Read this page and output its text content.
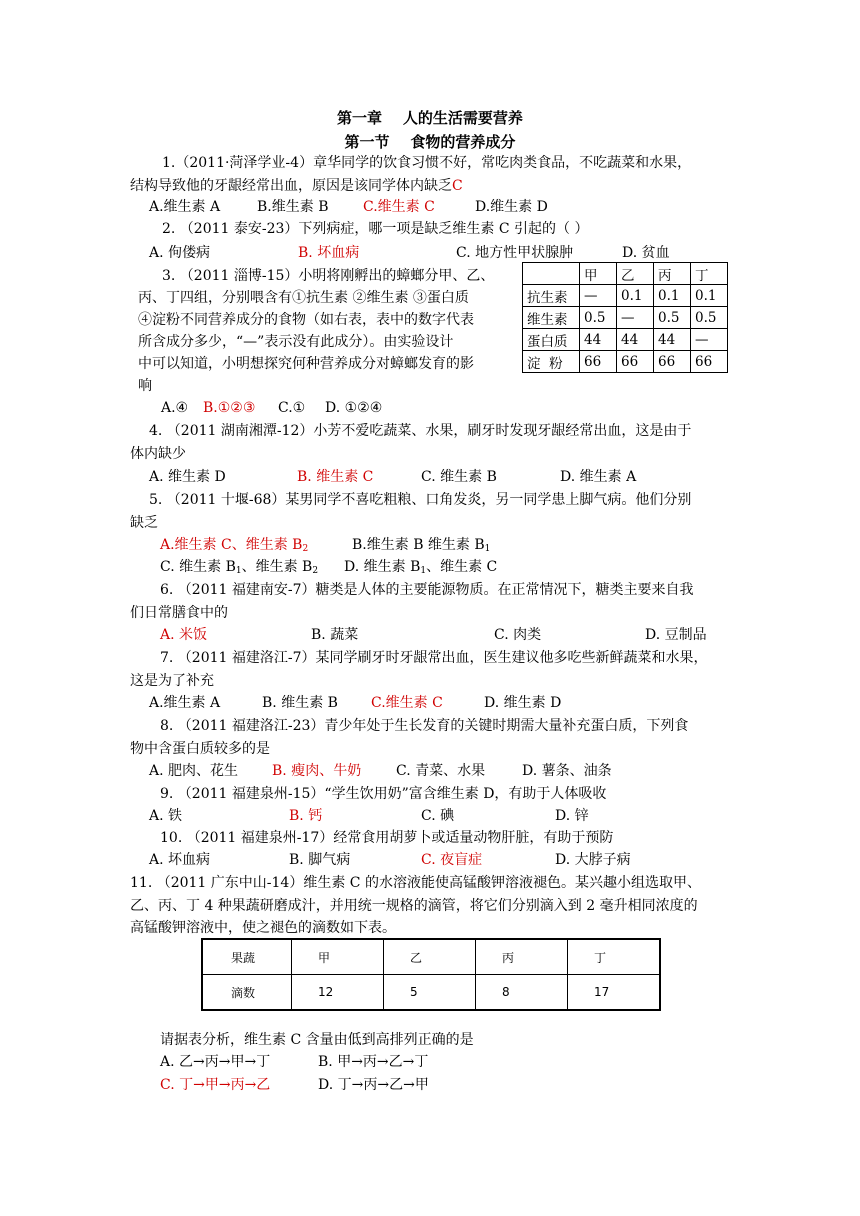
第一章    人的生活需要营养
第一节    食物的营养成分
1.（2011·菏泽学业-4）章华同学的饮食习惯不好，常吃肉类食品，不吃蔬菜和水果，
结构导致他的牙龈经常出血，原因是该同学体内缺乏C
A.维生素 A	B.维生素 B C.维生素 C	D.维生素 D
2. （2011 泰安-23）下列病症，哪一项是缺乏维生素 C 引起的（ ）
A. 佝偻病	B. 坏血病	C. 地方性甲状腺肿	D. 贫血
3. （2011 淄博-15）小明将刚孵出的蟑螂分甲、乙、
丙、丁四组，分别喂含有①抗生素 ②维生素 ③蛋白质
④淀粉不同营养成分的食物（如右表，表中的数字代表
所含成分多少，“—”表示没有此成分）。由实验设计
中可以知道，小明想探究何种营养成分对蟑螂发育的影
响
	甲	乙	丙	丁
抗生素	—	0.1	0.1	0.1
维生素	0.5	—	0.5	0.5
蛋白质	44	44	44	—
淀  粉	66	66	66	66
A.④ B.①②③ C.① D. ①②④
4. （2011 湖南湘潭-12）小芳不爱吃蔬菜、水果，刷牙时发现牙龈经常出血，这是由于
体内缺少
A. 维生素 D	B. 维生素 C	C. 维生素 B	D. 维生素 A
5. （2011 十堰-68）某男同学不喜吃粗粮、口角发炎，另一同学患上脚气病。他们分别
缺乏
A.维生素 C、维生素 $B_2$	B.维生素 B 维生素 $B_1$
C. 维生素 $B_1$、维生素 $B_2$ D. 维生素 $B_1$、维生素 C
6. （2011 福建南安-7）糖类是人体的主要能源物质。在正常情况下，糖类主要来自我
们日常膳食中的
A. 米饭	B. 蔬菜	C. 肉类	D. 豆制品
7. （2011 福建洛江-7）某同学刷牙时牙龈常出血，医生建议他多吃些新鲜蔬菜和水果，
这是为了补充
A.维生素 A	B. 维生素 B C.维生素 C	D. 维生素 D
8. （2011 福建洛江-23）青少年处于生长发育的关键时期需大量补充蛋白质，下列食
物中含蛋白质较多的是
A. 肥肉、花生 B. 瘦肉、牛奶 C. 青菜、水果	D. 薯条、油条
9. （2011 福建泉州-15）“学生饮用奶”富含维生素 D，有助于人体吸收
A. 铁	B. 钙	C. 碘	D. 锌
10. （2011 福建泉州-17）经常食用胡萝卜或适量动物肝脏，有助于预防
A. 坏血病	B. 脚气病	C. 夜盲症	D. 大脖子病
11. （2011 广东中山-14）维生素 C 的水溶液能使高锰酸钾溶液褪色。某兴趣小组选取甲、
乙、丙、丁 4 种果蔬研磨成汁，并用统一规格的滴管，将它们分别滴入到 2 毫升相同浓度的
高锰酸钾溶液中，使之褪色的滴数如下表。
果蔬	甲	乙	丙	丁
滴数	12	5	8	17
请据表分析，维生素 C 含量由低到高排列正确的是
A. 乙→丙→甲→丁	B. 甲→丙→乙→丁
C. 丁→甲→丙→乙	D. 丁→丙→乙→甲
